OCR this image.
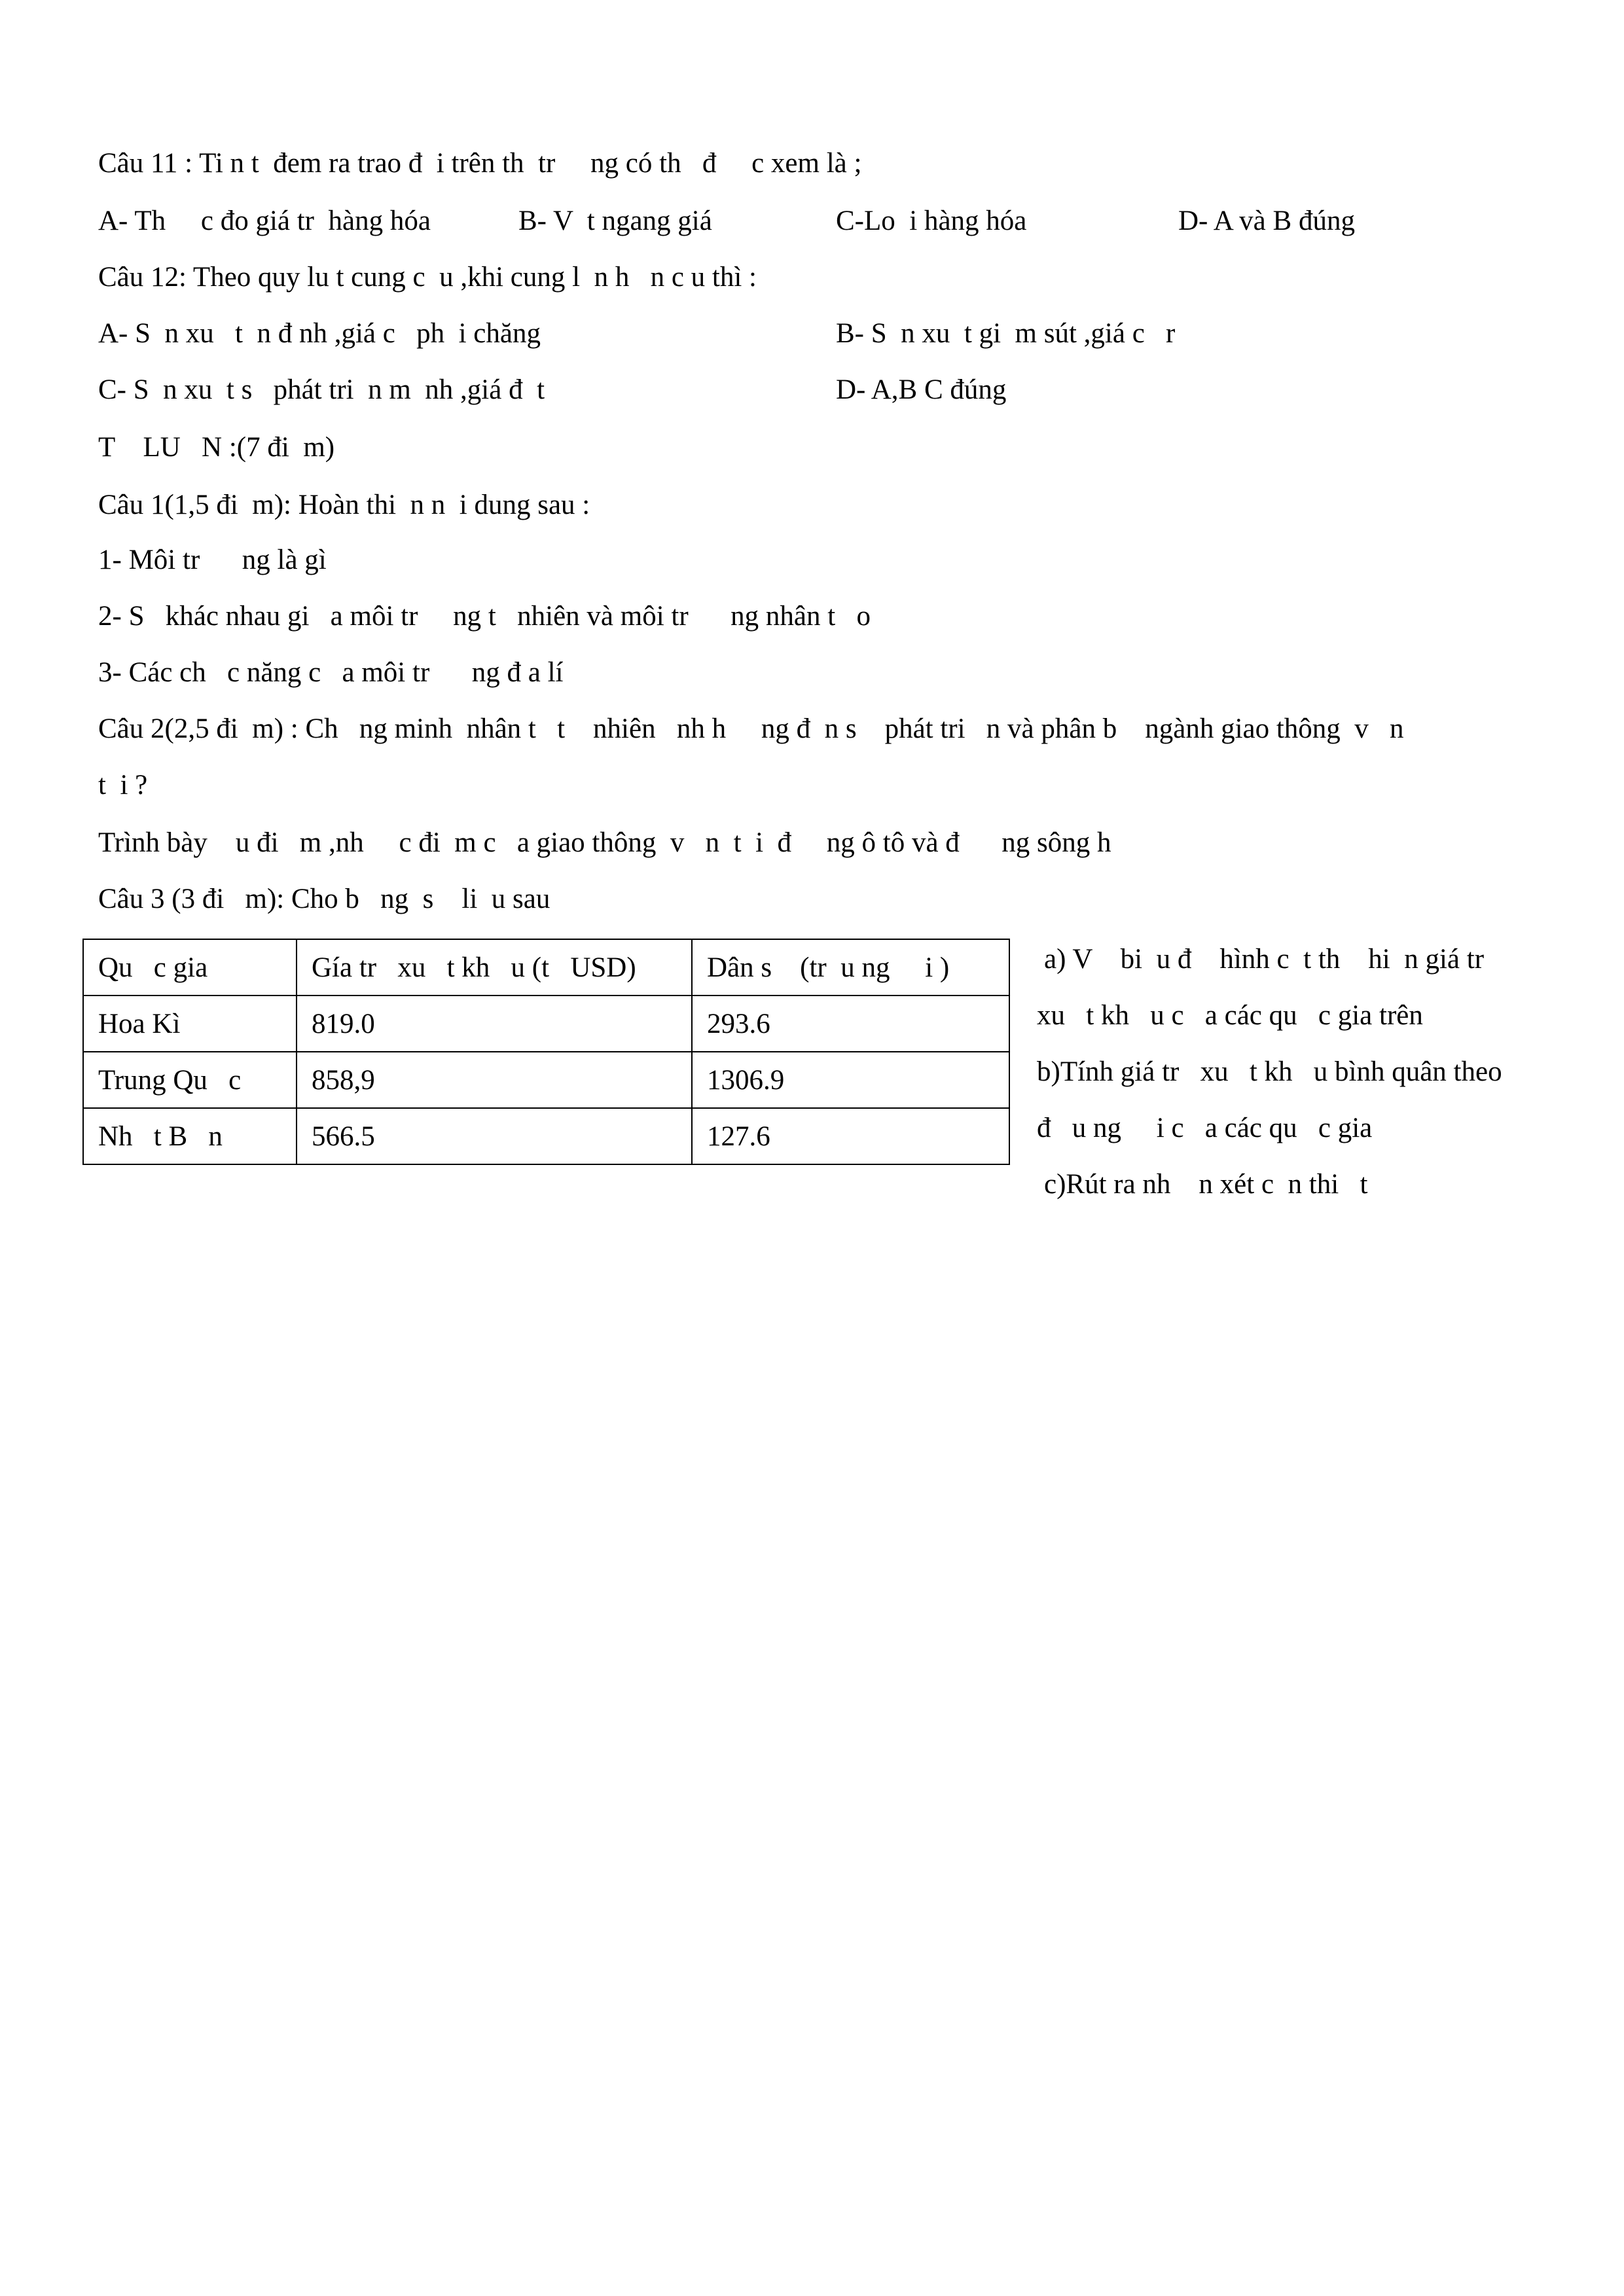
Câu 11 : Ti n t  đem ra trao đ  i trên th  tr     ng có th   đ     c xem là ;
A- Th     c đo giá tr  hàng hóa	B- V  t ngang giá	C-Lo  i hàng hóa	D- A và B đúng
Câu 12: Theo quy lu t cung c  u ,khi cung l  n h   n c u thì :
A- S  n xu   t  n đ nh ,giá c   ph  i chăng	B- S  n xu  t gi  m sút ,giá c   r
C- S  n xu  t s   phát tri  n m  nh ,giá đ  t	D- A,B C đúng
T    LU   N :(7 đi  m)
Câu 1(1,5 đi  m): Hoàn thi  n n  i dung sau :
1- Môi tr      ng là gì
2- S   khác nhau gi   a môi tr     ng t   nhiên và môi tr      ng nhân t   o
3- Các ch   c năng c   a môi tr      ng đ a lí
Câu 2(2,5 đi  m) : Ch   ng minh  nhân t   t    nhiên   nh h     ng đ  n s    phát tri   n và phân b    ngành giao thông  v   n
t  i ?
Trình bày    u đi   m ,nh     c đi  m c   a giao thông  v   n  t  i  đ     ng ô tô và đ      ng sông h
Câu 3 (3 đi   m): Cho b   ng  s    li  u sau
Qu   c gia	Gía tr   xu   t kh   u (t   USD)	Dân s    (tr  u ng     i )
Hoa Kì	819.0	293.6
Trung Qu   c	858,9	1306.9
Nh   t B   n	566.5	127.6
a) V    bi  u đ    hình c  t th    hi  n giá tr
xu   t kh   u c   a các qu   c gia trên
b)Tính giá tr   xu   t kh   u bình quân theo
đ   u ng     i c   a các qu   c gia
c)Rút ra nh    n xét c  n thi   t
